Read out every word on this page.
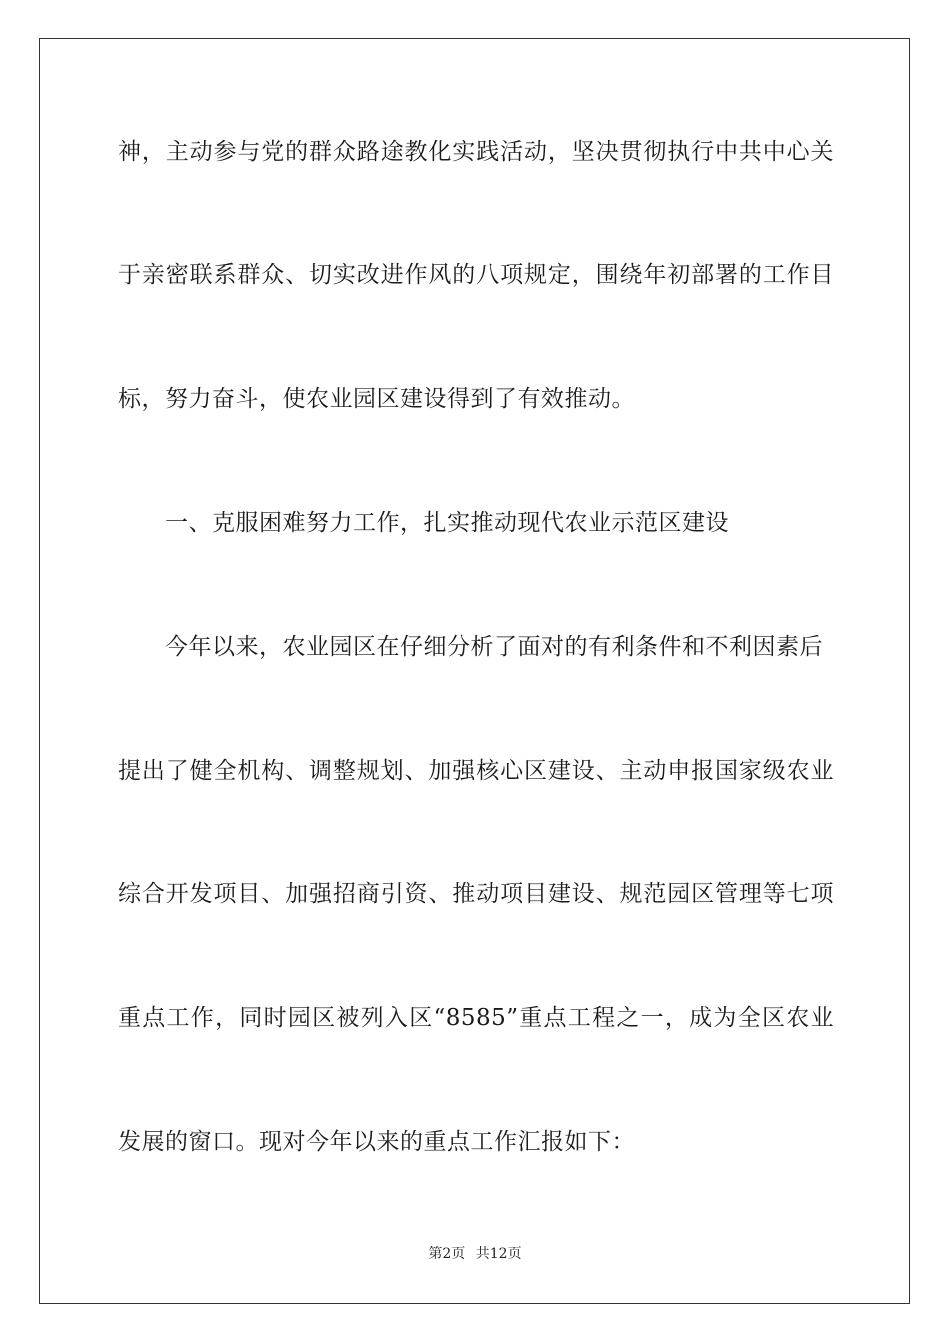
神，主动参与党的群众路途教化实践活动，坚决贯彻执行中共中心关
于亲密联系群众、切实改进作风的八项规定，围绕年初部署的工作目
标，努力奋斗，使农业园区建设得到了有效推动。
一、克服困难努力工作，扎实推动现代农业示范区建设
今年以来，农业园区在仔细分析了面对的有利条件和不利因素后
提出了健全机构、调整规划、加强核心区建设、主动申报国家级农业
综合开发项目、加强招商引资、推动项目建设、规范园区管理等七项
重点工作，同时园区被列入区“8585”重点工程之一，成为全区农业
发展的窗口。现对今年以来的重点工作汇报如下：
第2页 共12页
